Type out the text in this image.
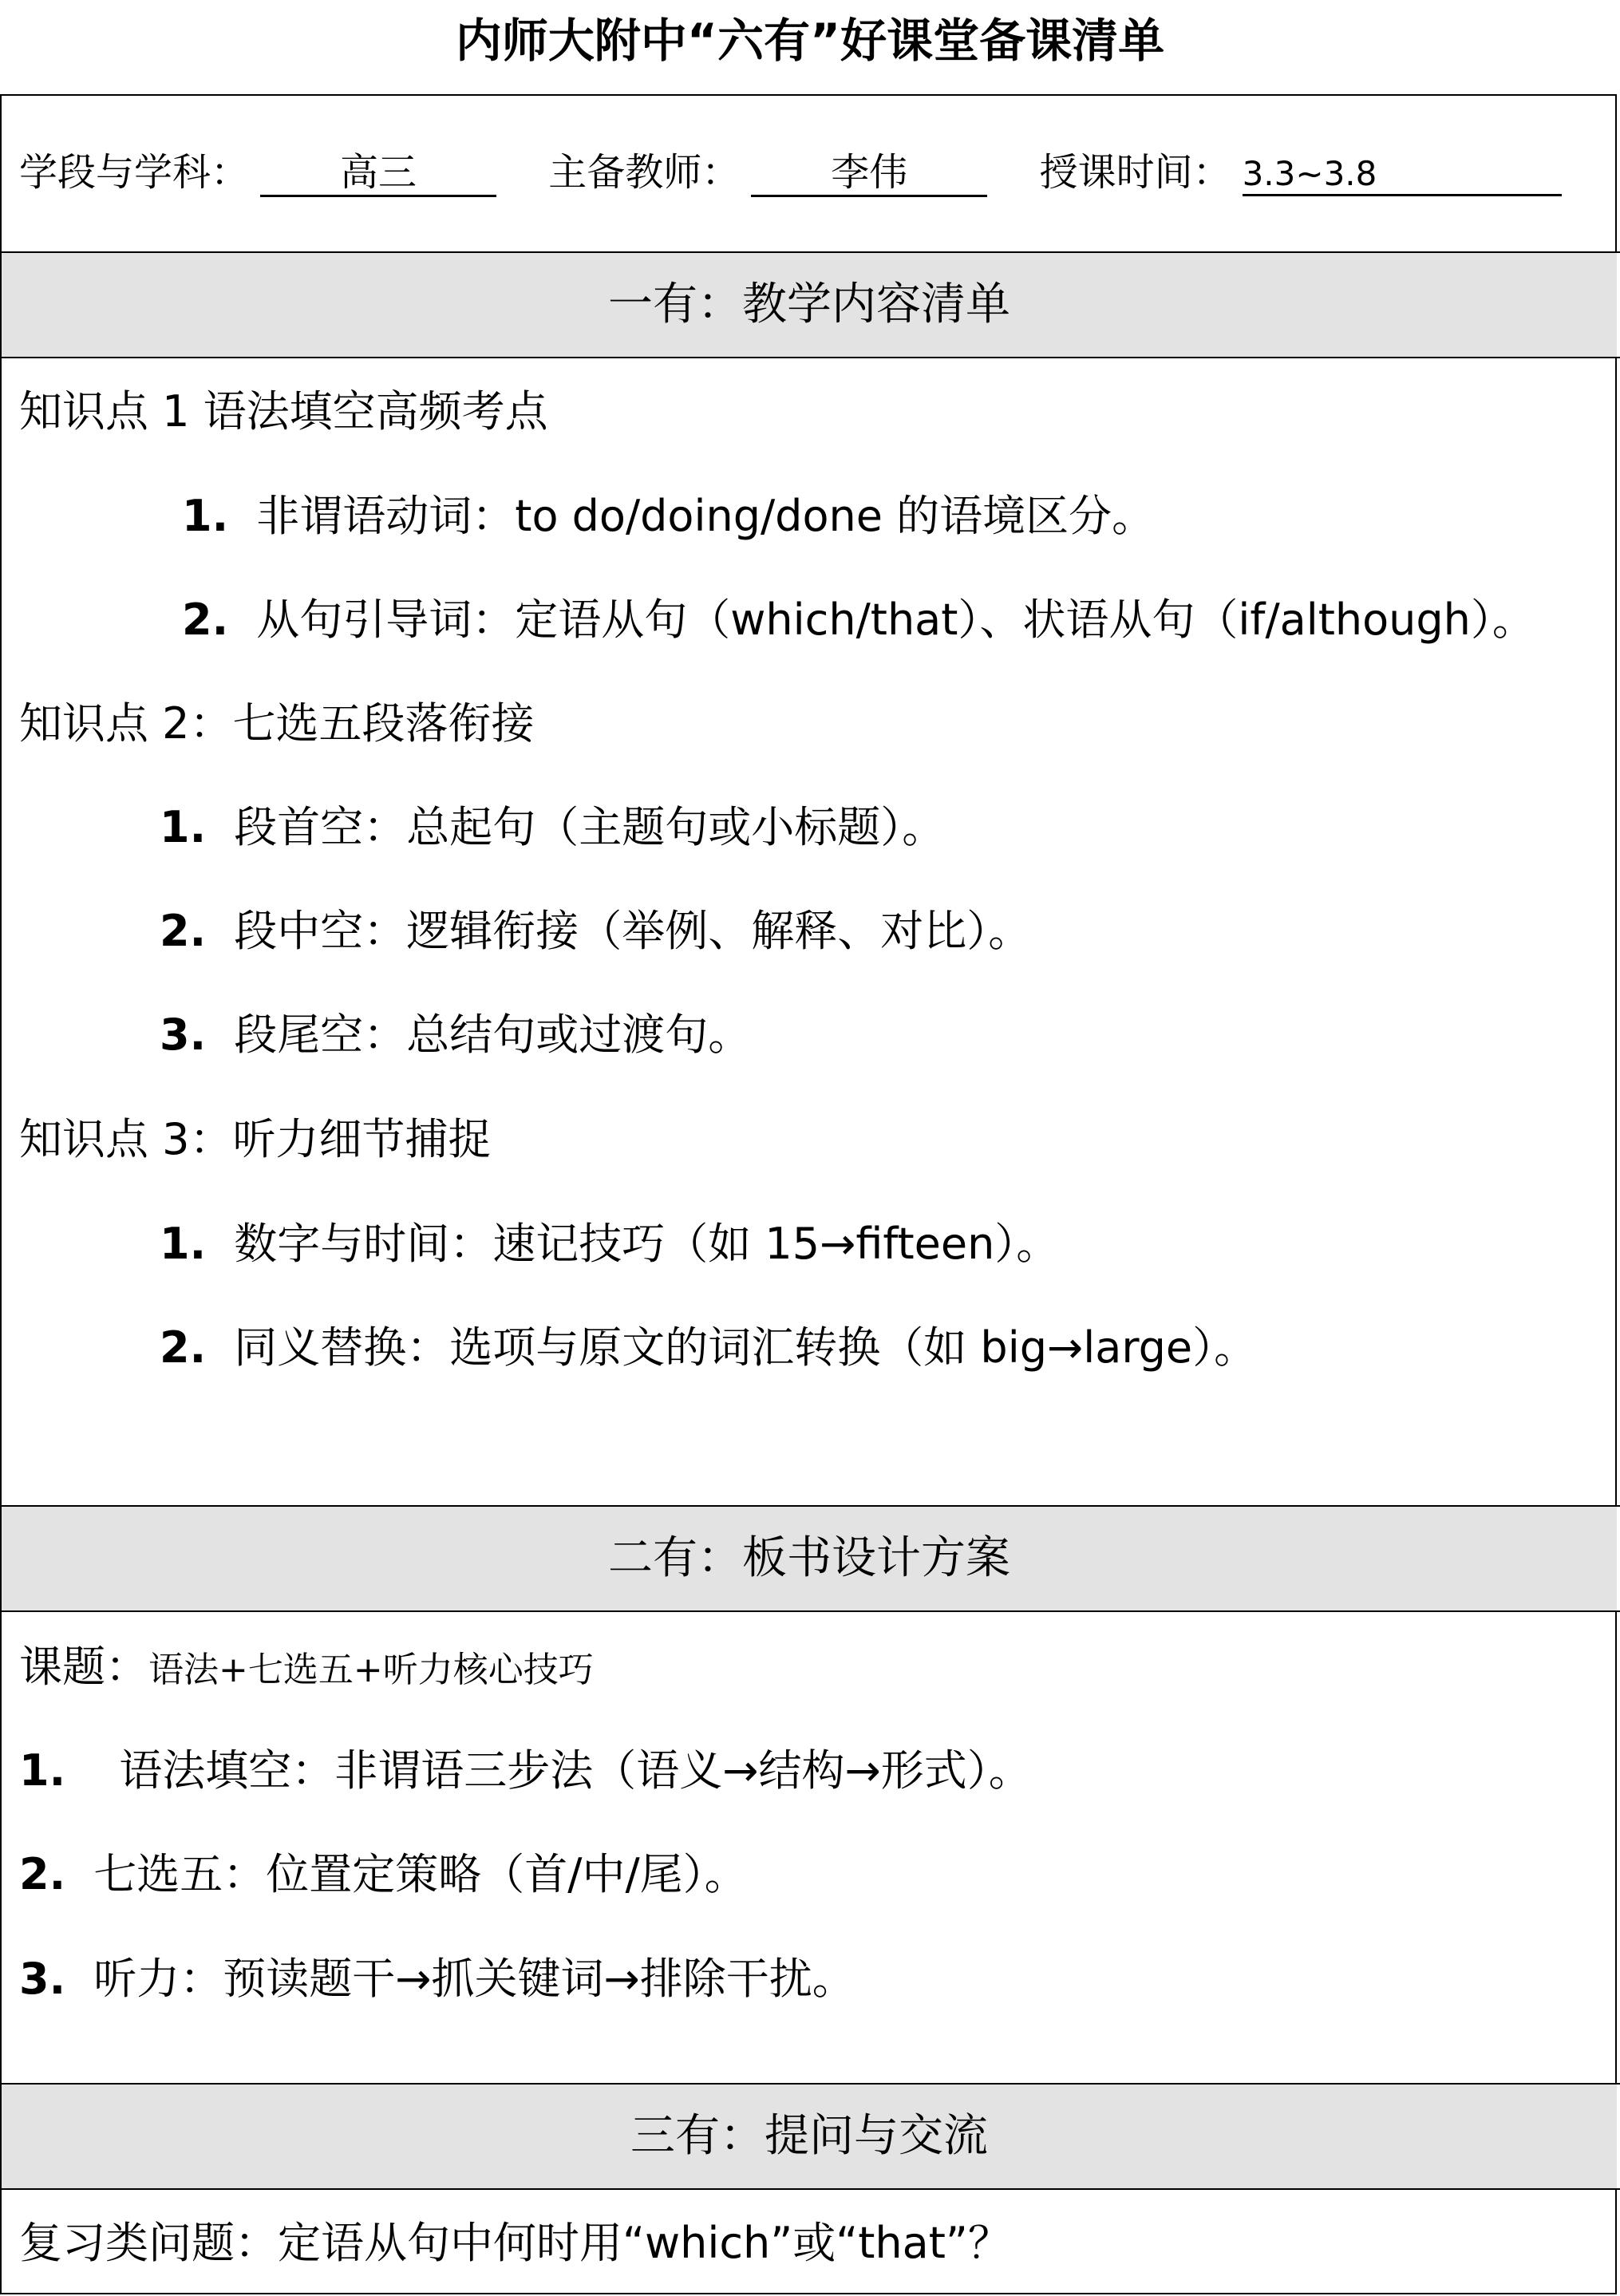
内师大附中“六有”好课堂备课清单
学段与学科： 高三	主备教师： 李伟	授课时间： 3.3~3.8
一有：教学内容清单
知识点 1 语法填空高频考点
1. 非谓语动词：to do/doing/done 的语境区分。
2. 从句引导词：定语从句（which/that）、状语从句（if/although）。
知识点 2：七选五段落衔接
1. 段首空：总起句（主题句或小标题）。
2. 段中空：逻辑衔接（举例、解释、对比）。
3. 段尾空：总结句或过渡句。
知识点 3：听力细节捕捉
1. 数字与时间：速记技巧（如 15→fifteen）。
2. 同义替换：选项与原文的词汇转换（如 big→large）。
二有：板书设计方案
课题：语法+七选五+听力核心技巧
1. 语法填空：非谓语三步法（语义→结构→形式）。
2. 七选五：位置定策略（首/中/尾）。
3. 听力：预读题干→抓关键词→排除干扰。
三有：提问与交流
复习类问题：定语从句中何时用“which”或“that”？
